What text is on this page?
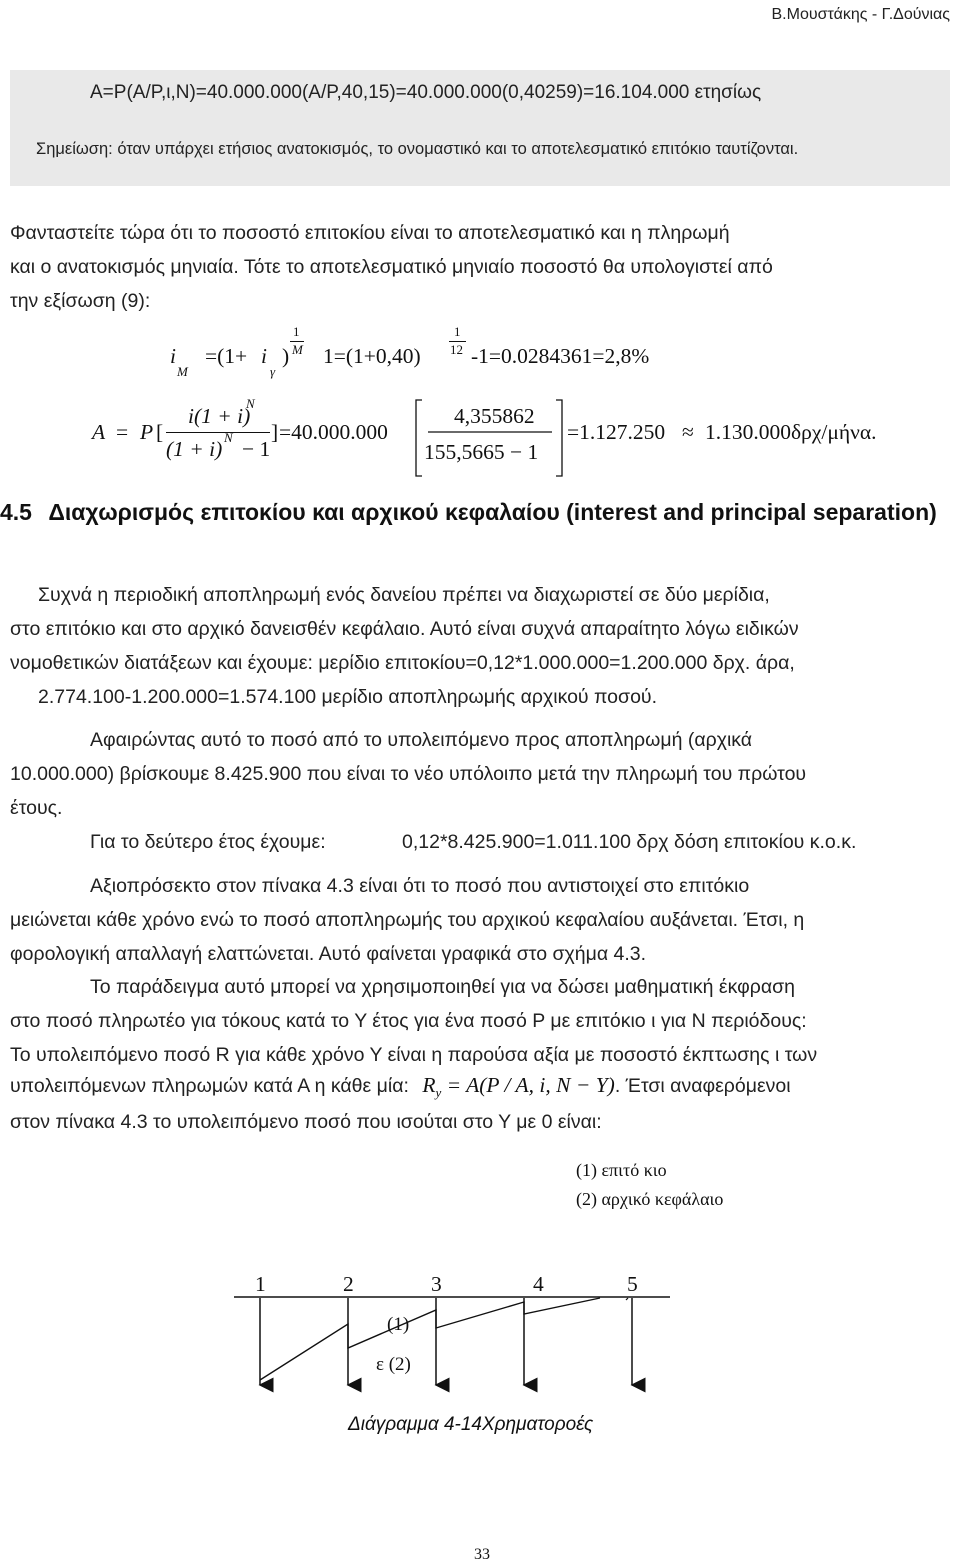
Β.Μουστάκης - Γ.Δούνιας
Α=Ρ(Α/Ρ,ι,Ν)=40.000.000(Α/Ρ,40,15)=40.000.000(0,40259)=16.104.000 ετησίως
Σημείωση: όταν υπάρχει ετήσιος ανατοκισμός, το ονομαστικό και το αποτελεσματικό επιτόκιο ταυτίζονται.
Φανταστείτε τώρα ότι το ποσοστό επιτοκίου είναι το αποτελεσματικό και η πληρωμή
και ο ανατοκισμός μηνιαία. Τότε το αποτελεσματικό μηνιαίο ποσοστό θα υπολογιστεί από
την εξίσωση (9):
i
M
=(1+ i
γ
)
1
M 1=(1+0,40)
1
12 -1=0.0284361=2,8%
A = P [
i(1 + i)
N
(1 + i) N − 1
] =40.000.000
4,355862
155,5665 − 1
=1.127.250 ≈ 1.130.000δρχ/μήνα.
4.5 Διαχωρισμός επιτοκίου και αρχικού κεφαλαίου (interest and principal separation)
Συχνά η περιοδική αποπληρωμή ενός δανείου πρέπει να διαχωριστεί σε δύο μερίδια,
στο επιτόκιο και στο αρχικό δανεισθέν κεφάλαιο. Αυτό είναι συχνά απαραίτητο λόγω ειδικών
νομοθετικών διατάξεων και έχουμε: μερίδιο επιτοκίου=0,12*1.000.000=1.200.000 δρχ. άρα,
2.774.100-1.200.000=1.574.100 μερίδιο αποπληρωμής αρχικού ποσού.
Αφαιρώντας αυτό το ποσό από το υπολειπόμενο προς αποπληρωμή (αρχικά
10.000.000) βρίσκουμε 8.425.900 που είναι το νέο υπόλοιπο μετά την πληρωμή του πρώτου
έτους.
Για το δεύτερο έτος έχουμε:	0,12*8.425.900=1.011.100 δρχ δόση επιτοκίου κ.ο.κ.
Αξιοπρόσεκτο στον πίνακα 4.3 είναι ότι το ποσό που αντιστοιχεί στο επιτόκιο
μειώνεται κάθε χρόνο ενώ το ποσό αποπληρωμής του αρχικού κεφαλαίου αυξάνεται. Έτσι, η
φορολογική απαλλαγή ελαττώνεται. Αυτό φαίνεται γραφικά στο σχήμα 4.3.
Το παράδειγμα αυτό μπορεί να χρησιμοποιηθεί για να δώσει μαθηματική έκφραση
στο ποσό πληρωτέο για τόκους κατά το Υ έτος για ένα ποσό Ρ με επιτόκιο ι για Ν περιόδους:
Το υπολειπόμενο ποσό R για κάθε χρόνο Υ είναι η παρούσα αξία με ποσοστό έκπτωσης ι των
υπολειπόμενων πληρωμών κατά Α η κάθε μία: $R_y = A(P / A$, i, N − Y). Έτσι αναφερόμενοι
στον πίνακα 4.3 το υπολειπόμενο ποσό που ισούται στο Υ με 0 είναι:
(1) επιτό κιο
(2) αρχικό κεφάλαιο
1	2	3	4	5
(1)
ε (2)
Διάγραμμα 4-14Χρηματοροές
33
